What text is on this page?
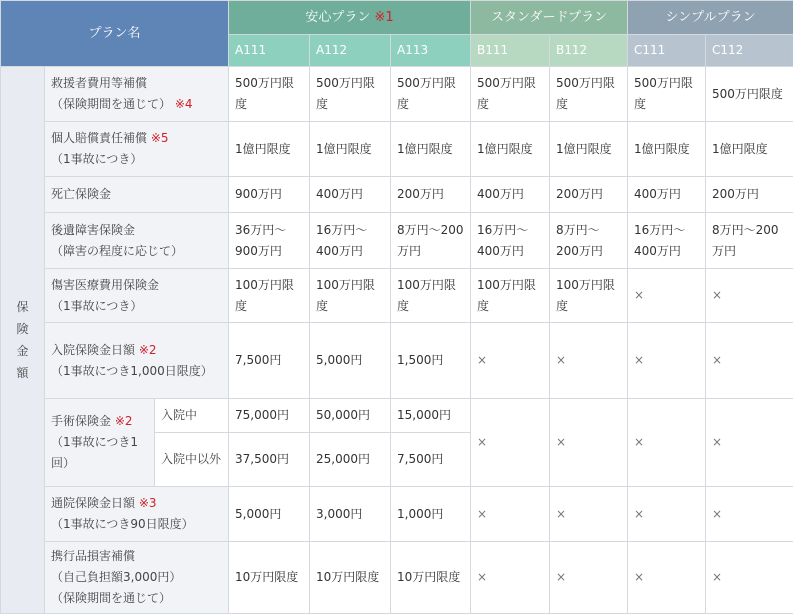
プラン名			安心プラン ※1			スタンダードプラン		シンプルプラン	
			A111	A112	A113	B111	B112	C111	C112
保
険
金
額	救援者費用等補償
（保険期間を通じて） ※4		500万円限度	500万円限度	500万円限度	500万円限度	500万円限度	500万円限度	500万円限度
	個人賠償責任補償 ※5
（1事故につき）		1億円限度	1億円限度	1億円限度	1億円限度	1億円限度	1億円限度	1億円限度
	死亡保険金		900万円	400万円	200万円	400万円	200万円	400万円	200万円
	後遺障害保険金
（障害の程度に応じて）		36万円～900万円	16万円～400万円	8万円～200万円	16万円～400万円	8万円～200万円	16万円～400万円	8万円～200万円
	傷害医療費用保険金
（1事故につき）		100万円限度	100万円限度	100万円限度	100万円限度	100万円限度	×	×
	入院保険金日額 ※2
（1事故につき1,000日限度）		7,500円	5,000円	1,500円	×	×	×	×
	手術保険金 ※2
（1事故につき1回）	入院中	75,000円	50,000円	15,000円	×	×	×	×
		入院中以外	37,500円	25,000円	7,500円				
	通院保険金日額 ※3
（1事故につき90日限度）		5,000円	3,000円	1,000円	×	×	×	×
	携行品損害補償
（自己負担額3,000円）
（保険期間を通じて）		10万円限度	10万円限度	10万円限度	×	×	×	×
